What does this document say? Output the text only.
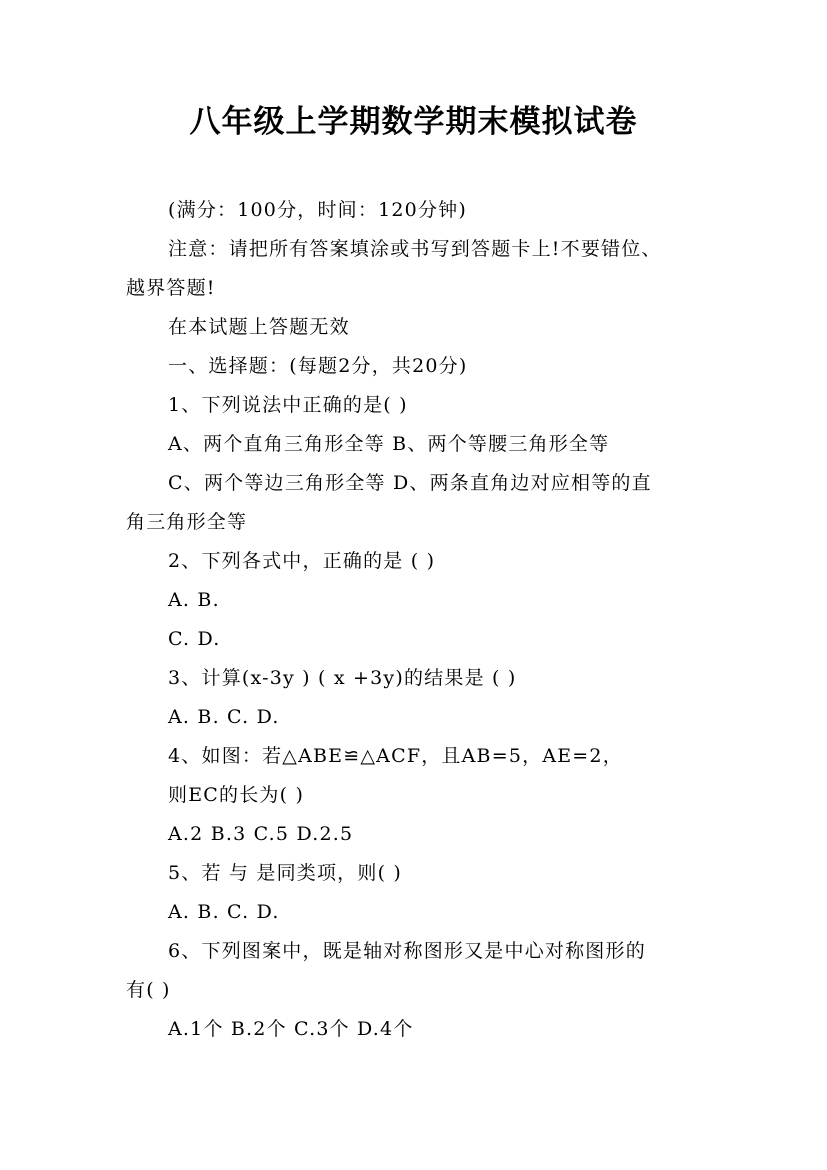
八年级上学期数学期末模拟试卷

(满分：100分，时间：120分钟)

注意：请把所有答案填涂或书写到答题卡上!不要错位、

越界答题!

在本试题上答题无效

一、选择题：(每题2分，共20分)

1、下列说法中正确的是( )

A、两个直角三角形全等 B、两个等腰三角形全等

C、两个等边三角形全等 D、两条直角边对应相等的直

角三角形全等

2、下列各式中，正确的是 ( )

A. B.

C. D.

3、计算(x-3y ) ( x +3y)的结果是 ( )

A. B. C. D.

4、如图：若△ABE≌△ACF，且AB=5，AE=2，

则EC的长为( )

A.2 B.3 C.5 D.2.5

5、若 与 是同类项，则( )

A. B. C. D.

6、下列图案中，既是轴对称图形又是中心对称图形的

有( )

A.1个 B.2个 C.3个 D.4个
